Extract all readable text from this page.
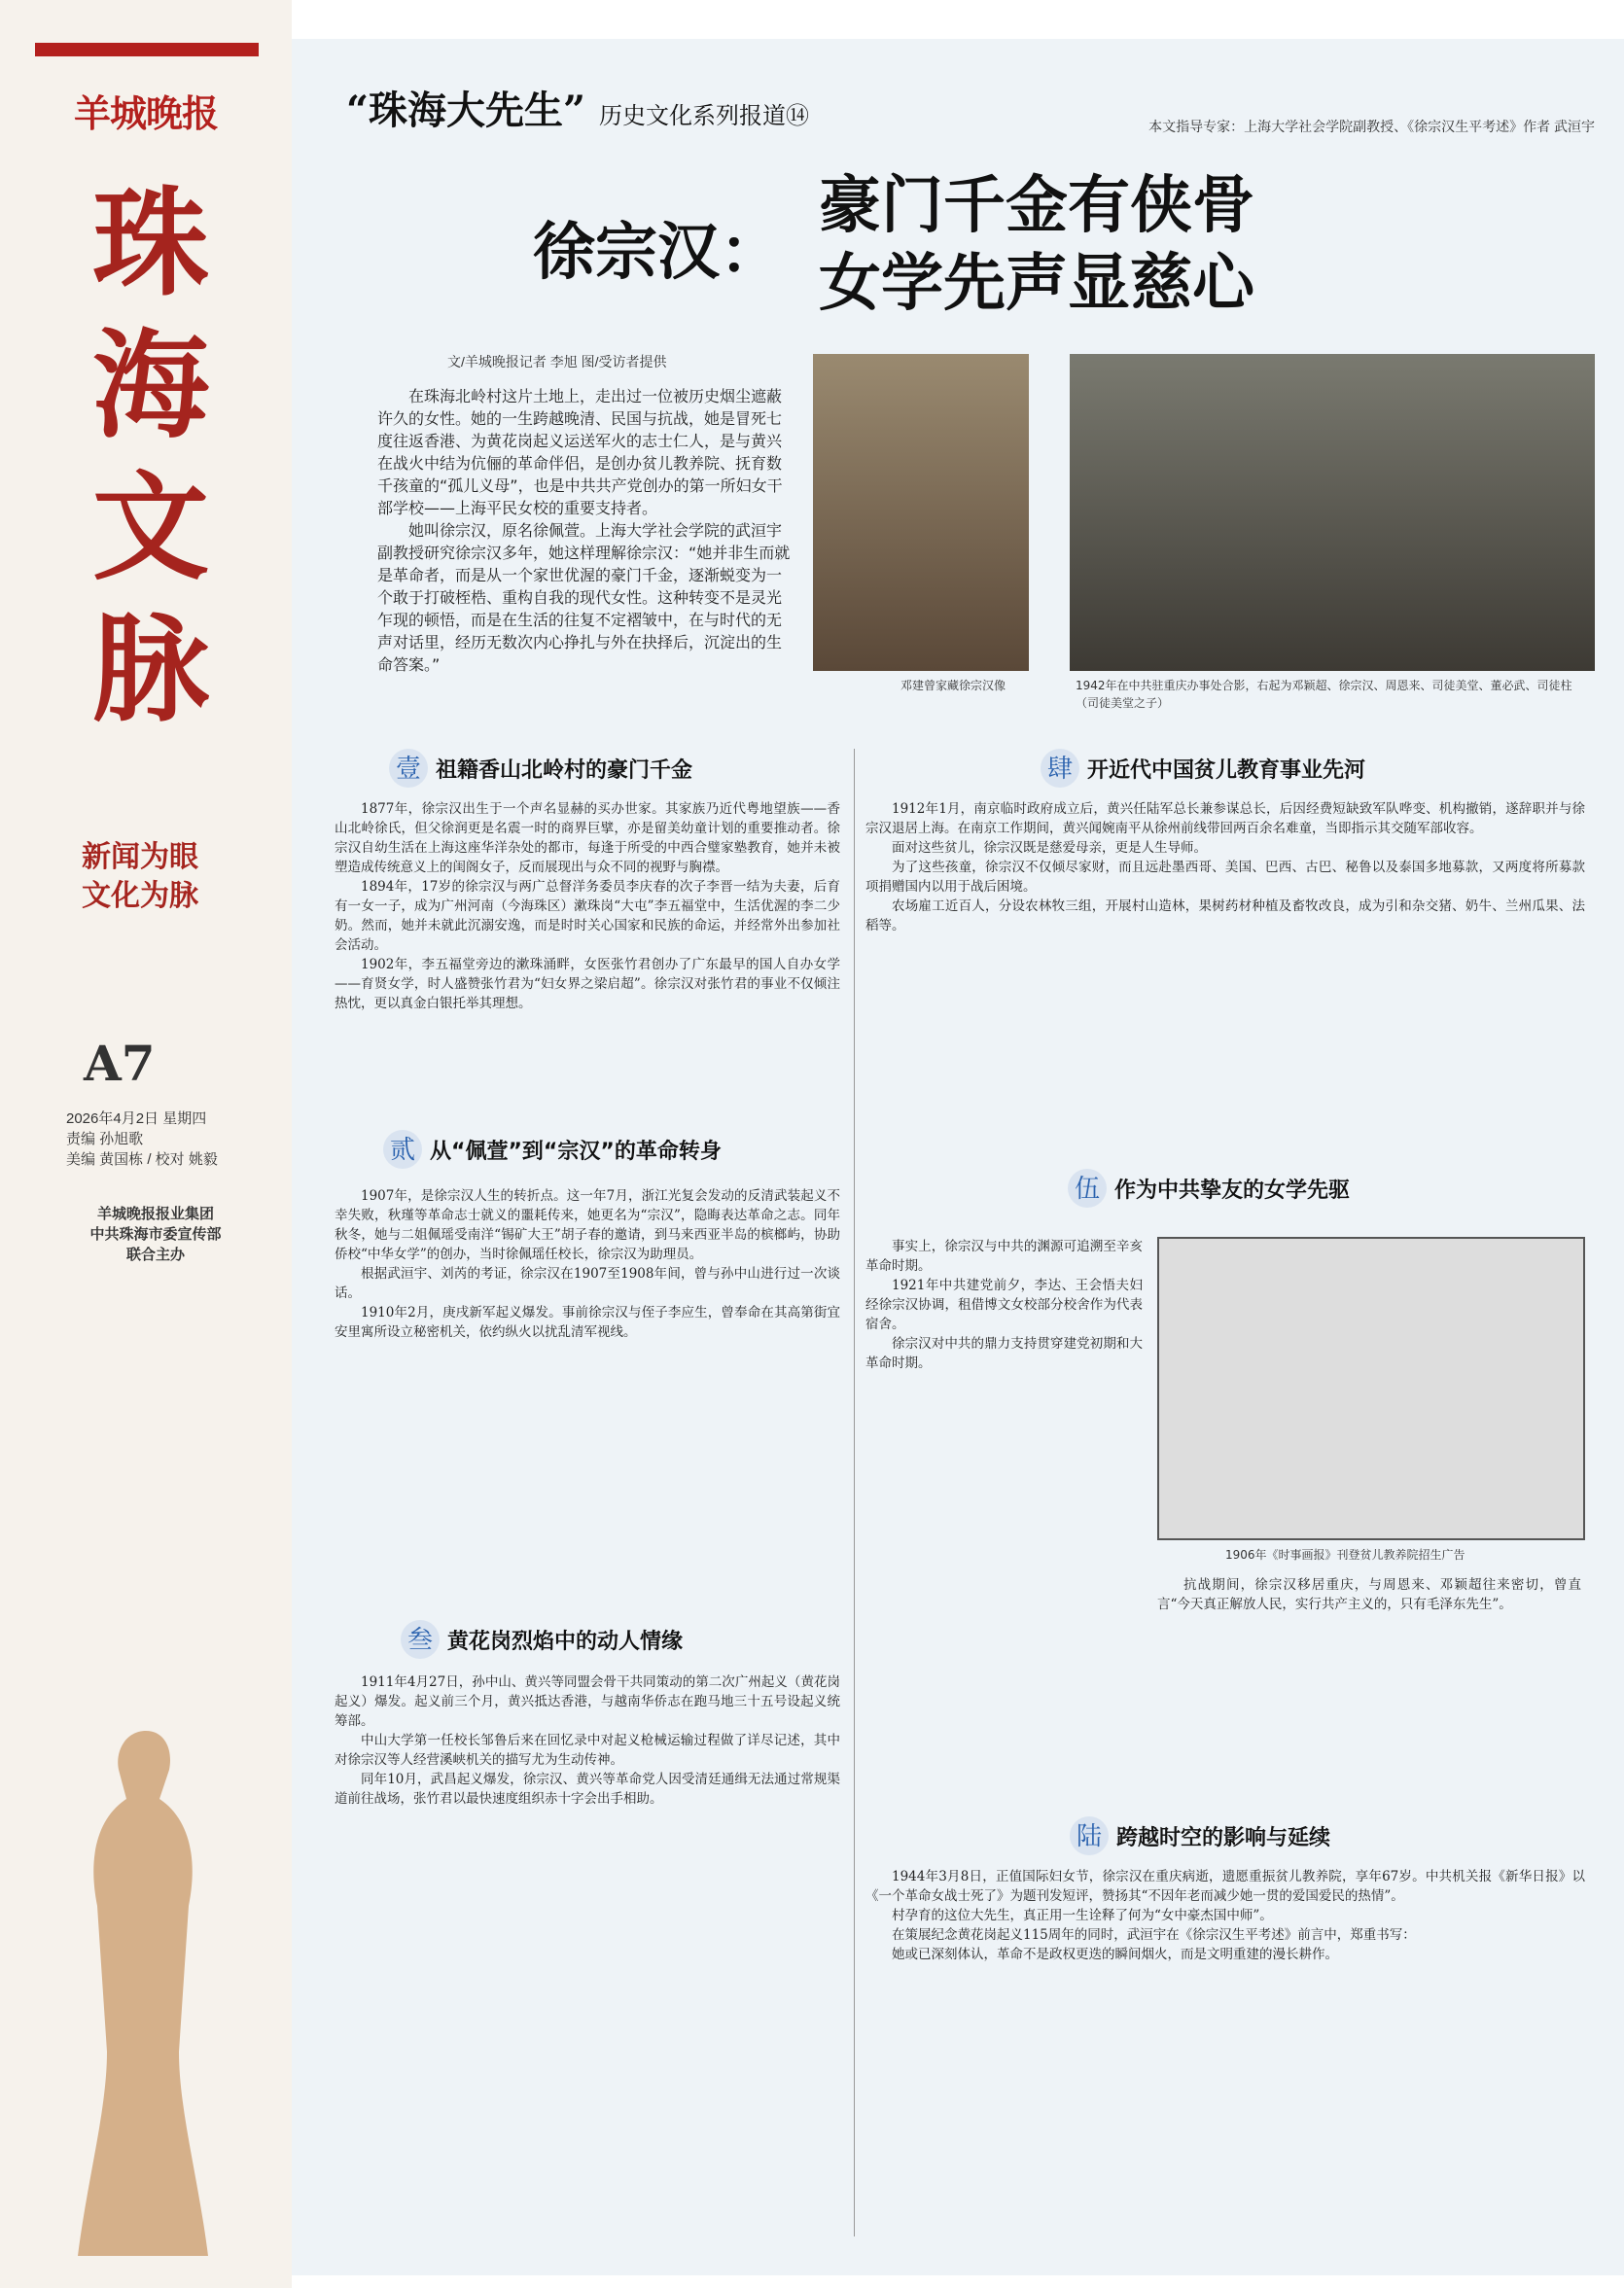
羊城晚报
珠海文脉
新闻为眼
文化为脉
A7
2026年4月2日 星期四
责编 孙旭歌
美编 黄国栋 / 校对 姚毅
羊城晚报报业集团
中共珠海市委宣传部
联合主办
“珠海大先生” 历史文化系列报道⑭	本文指导专家：上海大学社会学院副教授、《徐宗汉生平考述》作者 武洹宇
徐宗汉：
豪门千金有侠骨
女学先声显慈心
文/羊城晚报记者 李旭 图/受访者提供

在珠海北岭村这片土地上，走出过一位被历史烟尘遮蔽许久的女性。她的一生跨越晚清、民国与抗战，她是冒死七度往返香港、为黄花岗起义运送军火的志士仁人，是与黄兴在战火中结为伉俪的革命伴侣，是创办贫儿教养院、抚育数千孩童的“孤儿义母”，也是中共共产党创办的第一所妇女干部学校——上海平民女校的重要支持者。

她叫徐宗汉，原名徐佩萱。上海大学社会学院的武洹宇副教授研究徐宗汉多年，她这样理解徐宗汉：“她并非生而就是革命者，而是从一个家世优渥的豪门千金，逐渐蜕变为一个敢于打破桎梏、重构自我的现代女性。这种转变不是灵光乍现的顿悟，而是在生活的往复不定褶皱中，在与时代的无声对话里，经历无数次内心挣扎与外在抉择后，沉淀出的生命答案。”

邓建曾家藏徐宗汉像	1942年在中共驻重庆办事处合影，右起为邓颖超、徐宗汉、周恩来、司徒美堂、董必武、司徒柱（司徒美堂之子）
壹 祖籍香山北岭村的豪门千金

1877年，徐宗汉出生于一个声名显赫的买办世家。其家族乃近代粤地望族——香山北岭徐氏，但父徐润更是名震一时的商界巨擘，亦是留美幼童计划的重要推动者。徐宗汉自幼生活在上海这座华洋杂处的都市，每逢于所受的中西合璧家塾教育，她并未被塑造成传统意义上的闺阁女子，反而展现出与众不同的视野与胸襟。

1894年，17岁的徐宗汉与两广总督洋务委员李庆春的次子李晋一结为夫妻，后育有一女一子，成为广州河南（今海珠区）漱珠岗“大屯”李五福堂中，生活优渥的李二少奶。然而，她并未就此沉溺安逸，而是时时关心国家和民族的命运，并经常外出参加社会活动。

1902年，李五福堂旁边的漱珠涌畔，女医张竹君创办了广东最早的国人自办女学——育贤女学，时人盛赞张竹君为“妇女界之梁启超”。徐宗汉对张竹君的事业不仅倾注热忱，更以真金白银托举其理想。

贰 从“佩萱”到“宗汉”的革命转身

1907年，是徐宗汉人生的转折点。这一年7月，浙江光复会发动的反清武装起义不幸失败，秋瑾等革命志士就义的噩耗传来，她更名为“宗汉”，隐晦表达革命之志。同年秋冬，她与二姐佩瑶受南洋“锡矿大王”胡子春的邀请，到马来西亚半岛的槟榔屿，协助侨校“中华女学”的创办，当时徐佩瑶任校长，徐宗汉为助理员。

根据武洹宇、刘芮的考证，徐宗汉在1907至1908年间，曾与孙中山进行过一次谈话。

1910年2月，庚戌新军起义爆发。事前徐宗汉与侄子李应生，曾奉命在其高第街宜安里寓所设立秘密机关，依约纵火以扰乱清军视线。

叁 黄花岗烈焰中的动人情缘

1911年4月27日，孙中山、黄兴等同盟会骨干共同策动的第二次广州起义（黄花岗起义）爆发。起义前三个月，黄兴抵达香港，与越南华侨志在跑马地三十五号设起义统筹部。

中山大学第一任校长邹鲁后来在回忆录中对起义枪械运输过程做了详尽记述，其中对徐宗汉等人经营溪峡机关的描写尤为生动传神。

同年10月，武昌起义爆发，徐宗汉、黄兴等革命党人因受清廷通缉无法通过常规渠道前往战场，张竹君以最快速度组织赤十字会出手相助。

肆 开近代中国贫儿教育事业先河

1912年1月，南京临时政府成立后，黄兴任陆军总长兼参谋总长，后因经费短缺致军队哗变、机构撤销，遂辞职并与徐宗汉退居上海。在南京工作期间，黄兴闻婉南平从徐州前线带回两百余名难童，当即指示其交随军部收容。

面对这些贫儿，徐宗汉既是慈爱母亲，更是人生导师。

为了这些孩童，徐宗汉不仅倾尽家财，而且远赴墨西哥、美国、巴西、古巴、秘鲁以及泰国多地募款，又两度将所募款项捐赠国内以用于战后困境。

农场雇工近百人，分设农林牧三组，开展村山造林，果树药材种植及畜牧改良，成为引和杂交猪、奶牛、兰州瓜果、法稻等。

伍 作为中共挚友的女学先驱

事实上，徐宗汉与中共的渊源可追溯至辛亥革命时期。

1921年中共建党前夕，李达、王会悟夫妇经徐宗汉协调，租借博文女校部分校舍作为代表宿舍。

徐宗汉对中共的鼎力支持贯穿建党初期和大革命时期。

1906年《时事画报》刊登贫儿教养院招生广告

抗战期间，徐宗汉移居重庆，与周恩来、邓颖超往来密切，曾直言“今天真正解放人民，实行共产主义的，只有毛泽东先生”。

陆 跨越时空的影响与延续

1944年3月8日，正值国际妇女节，徐宗汉在重庆病逝，遗愿重振贫儿教养院，享年67岁。中共机关报《新华日报》以《一个革命女战士死了》为题刊发短评，赞扬其“不因年老而减少她一贯的爱国爱民的热情”。

村孕育的这位大先生，真正用一生诠释了何为“女中豪杰国中师”。

在策展纪念黄花岗起义115周年的同时，武洹宇在《徐宗汉生平考述》前言中，郑重书写：

她或已深刻体认，革命不是政权更迭的瞬间烟火，而是文明重建的漫长耕作。
